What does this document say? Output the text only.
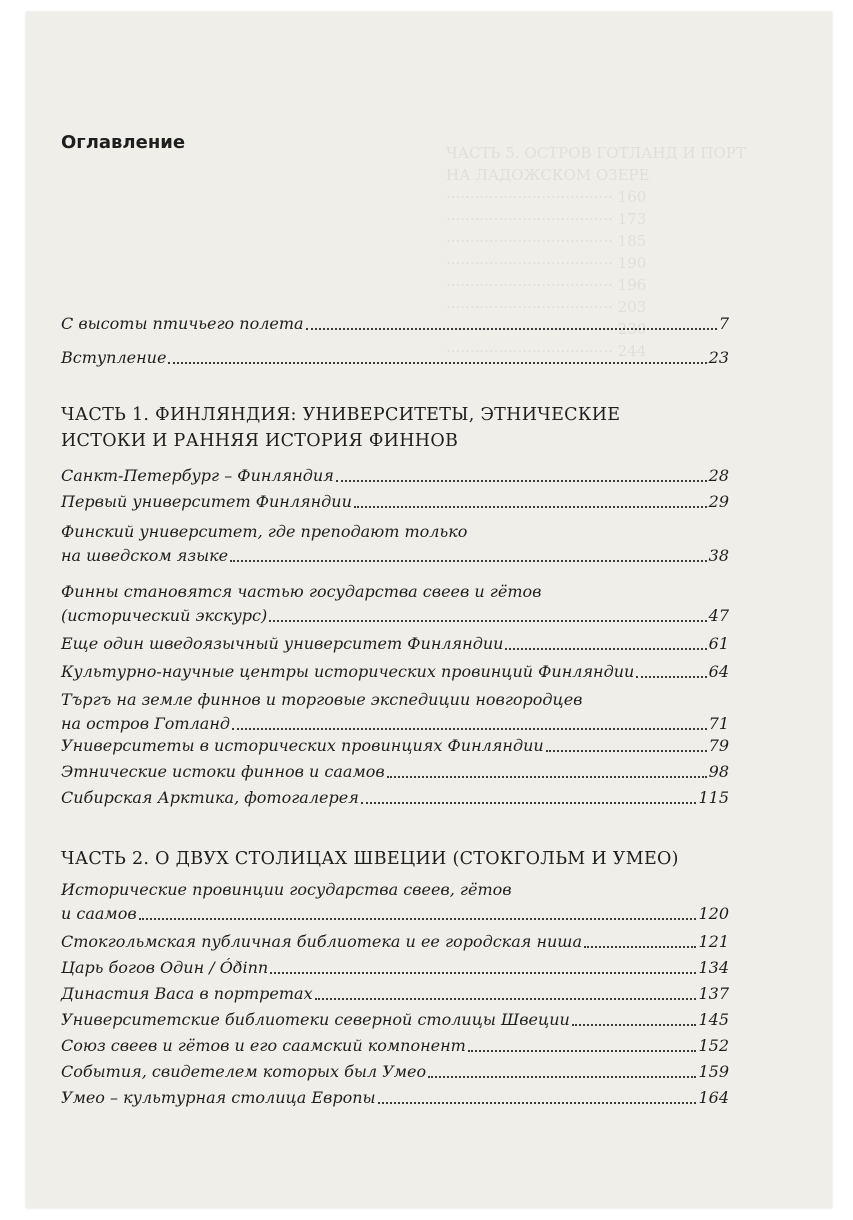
ЧАСТЬ 5. ОСТРОВ ГОТЛАНД И ПОРТ
НА ЛАДОЖСКОМ ОЗЕРЕ
··································· 160
··································· 173
··································· 185
··································· 190
··································· 196
··································· 203
··································· 230
··································· 244
Оглавление
С высоты птичьего полета	7
Вступление	23
ЧАСТЬ 1. ФИНЛЯНДИЯ: УНИВЕРСИТЕТЫ, ЭТНИЧЕСКИЕ
ИСТОКИ И РАННЯЯ ИСТОРИЯ ФИННОВ
Санкт-Петербург – Финляндия	28
Первый университет Финляндии	29
Финский университет, где преподают только
на шведском языке	38
Финны становятся частью государства свеев и гётов
(исторический экскурс)	47
Еще один шведоязычный университет Финляндии	61
Культурно-научные центры исторических провинций Финляндии	64
Търгъ на земле финнов и торговые экспедиции новгородцев
на остров Готланд	71
Университеты в исторических провинциях Финляндии	79
Этнические истоки финнов и саамов	98
Сибирская Арктика, фотогалерея	115
ЧАСТЬ 2. О ДВУХ СТОЛИЦАХ ШВЕЦИИ (СТОКГОЛЬМ И УМЕО)
Исторические провинции государства свеев, гётов
и саамов	120
Стокгольмская публичная библиотека и ее городская ниша	121
Царь богов Один / Óðinn	134
Династия Васа в портретах	137
Университетские библиотеки северной столицы Швеции	145
Союз свеев и гётов и его саамский компонент	152
События, свидетелем которых был Умео	159
Умео – культурная столица Европы	164
